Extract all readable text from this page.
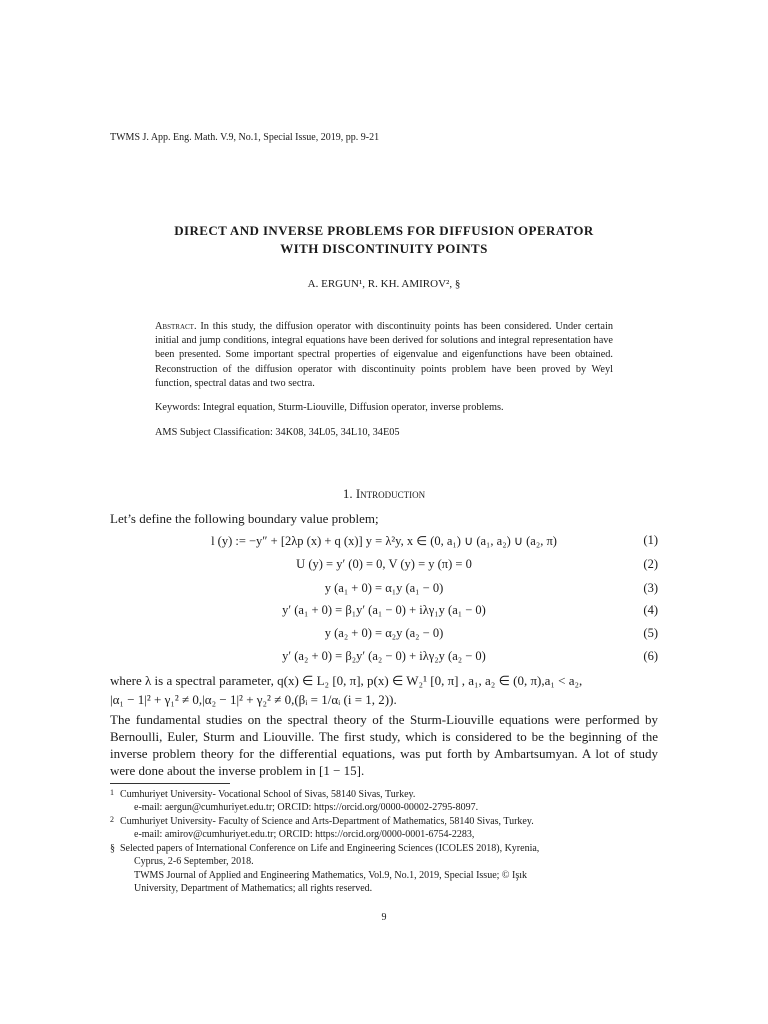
TWMS J. App. Eng. Math. V.9, No.1, Special Issue, 2019, pp. 9-21
DIRECT AND INVERSE PROBLEMS FOR DIFFUSION OPERATOR
WITH DISCONTINUITY POINTS
A. ERGUN¹, R. KH. AMIROV², §
Abstract. In this study, the diffusion operator with discontinuity points has been considered. Under certain initial and jump conditions, integral equations have been derived for solutions and integral representation have been presented. Some important spectral properties of eigenvalue and eigenfunctions have been obtained. Reconstruction of the diffusion operator with discontinuity points problem have been proved by Weyl function, spectral datas and two sectra.
Keywords: Integral equation, Sturm-Liouville, Diffusion operator, inverse problems.
AMS Subject Classification: 34K08, 34L05, 34L10, 34E05
1. Introduction
Let’s define the following boundary value problem;
l (y) := −y″ + [2λp (x) + q (x)] y = λ²y, x ∈ (0, a₁) ∪ (a₁, a₂) ∪ (a₂, π)	(1)
U (y) = y′ (0) = 0, V (y) = y (π) = 0	(2)
y (a₁ + 0) = α₁y (a₁ − 0)	(3)
y′ (a₁ + 0) = β₁y′ (a₁ − 0) + iλγ₁y (a₁ − 0)	(4)
y (a₂ + 0) = α₂y (a₂ − 0)	(5)
y′ (a₂ + 0) = β₂y′ (a₂ − 0) + iλγ₂y (a₂ − 0)	(6)
where λ is a spectral parameter, q(x) ∈ L₂ [0, π], p(x) ∈ W₂¹ [0, π] , a₁, a₂ ∈ (0, π),a₁ < a₂,
|α₁ − 1|² + γ₁² ≠ 0,|α₂ − 1|² + γ₂² ≠ 0,(βᵢ = 1/αᵢ (i = 1, 2)).
The fundamental studies on the spectral theory of the Sturm-Liouville equations were performed by Bernoulli, Euler, Sturm and Liouville. The first study, which is considered to be the beginning of the inverse problem theory for the differential equations, was put forth by Ambartsumyan. A lot of study were done about the inverse problem in [1 − 15].
1 Cumhuriyet University- Vocational School of Sivas, 58140 Sivas, Turkey.
e-mail: aergun@cumhuriyet.edu.tr; ORCID: https://orcid.org/0000-00002-2795-8097.
2 Cumhuriyet University- Faculty of Science and Arts-Department of Mathematics, 58140 Sivas, Turkey.
e-mail: amirov@cumhuriyet.edu.tr; ORCID: https://orcid.org/0000-0001-6754-2283,
§ Selected papers of International Conference on Life and Engineering Sciences (ICOLES 2018), Kyrenia,
Cyprus, 2-6 September, 2018.
TWMS Journal of Applied and Engineering Mathematics, Vol.9, No.1, 2019, Special Issue; © Işık
University, Department of Mathematics; all rights reserved.
9
